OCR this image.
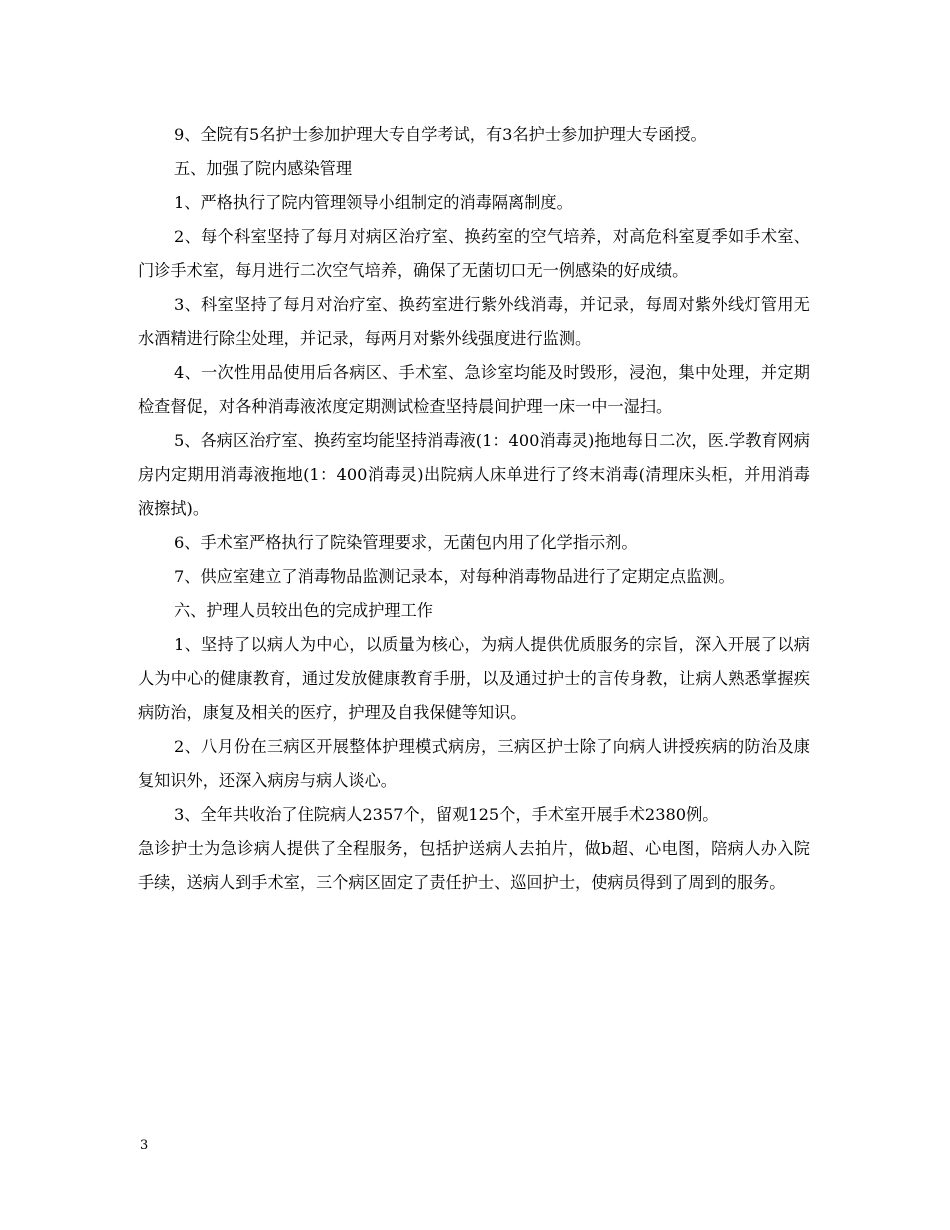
9、全院有5名护士参加护理大专自学考试，有3名护士参加护理大专函授。

五、加强了院内感染管理

1、严格执行了院内管理领导小组制定的消毒隔离制度。

2、每个科室坚持了每月对病区治疗室、换药室的空气培养，对高危科室夏季如手术室、门诊手术室，每月进行二次空气培养，确保了无菌切口无一例感染的好成绩。

3、科室坚持了每月对治疗室、换药室进行紫外线消毒，并记录，每周对紫外线灯管用无水酒精进行除尘处理，并记录，每两月对紫外线强度进行监测。

4、一次性用品使用后各病区、手术室、急诊室均能及时毁形，浸泡，集中处理，并定期检查督促，对各种消毒液浓度定期测试检查坚持晨间护理一床一中一湿扫。

5、各病区治疗室、换药室均能坚持消毒液(1：400消毒灵)拖地每日二次，医.学教育网病房内定期用消毒液拖地(1：400消毒灵)出院病人床单进行了终末消毒(清理床头柜，并用消毒液擦拭)。

6、手术室严格执行了院染管理要求，无菌包内用了化学指示剂。

7、供应室建立了消毒物品监测记录本，对每种消毒物品进行了定期定点监测。

六、护理人员较出色的完成护理工作

1、坚持了以病人为中心，以质量为核心，为病人提供优质服务的宗旨，深入开展了以病人为中心的健康教育，通过发放健康教育手册，以及通过护士的言传身教，让病人熟悉掌握疾病防治，康复及相关的医疗，护理及自我保健等知识。

2、八月份在三病区开展整体护理模式病房，三病区护士除了向病人讲授疾病的防治及康复知识外，还深入病房与病人谈心。

3、全年共收治了住院病人2357个，留观125个，手术室开展手术2380例。

急诊护士为急诊病人提供了全程服务，包括护送病人去拍片，做b超、心电图，陪病人办入院手续，送病人到手术室，三个病区固定了责任护士、巡回护士，使病员得到了周到的服务。

3
